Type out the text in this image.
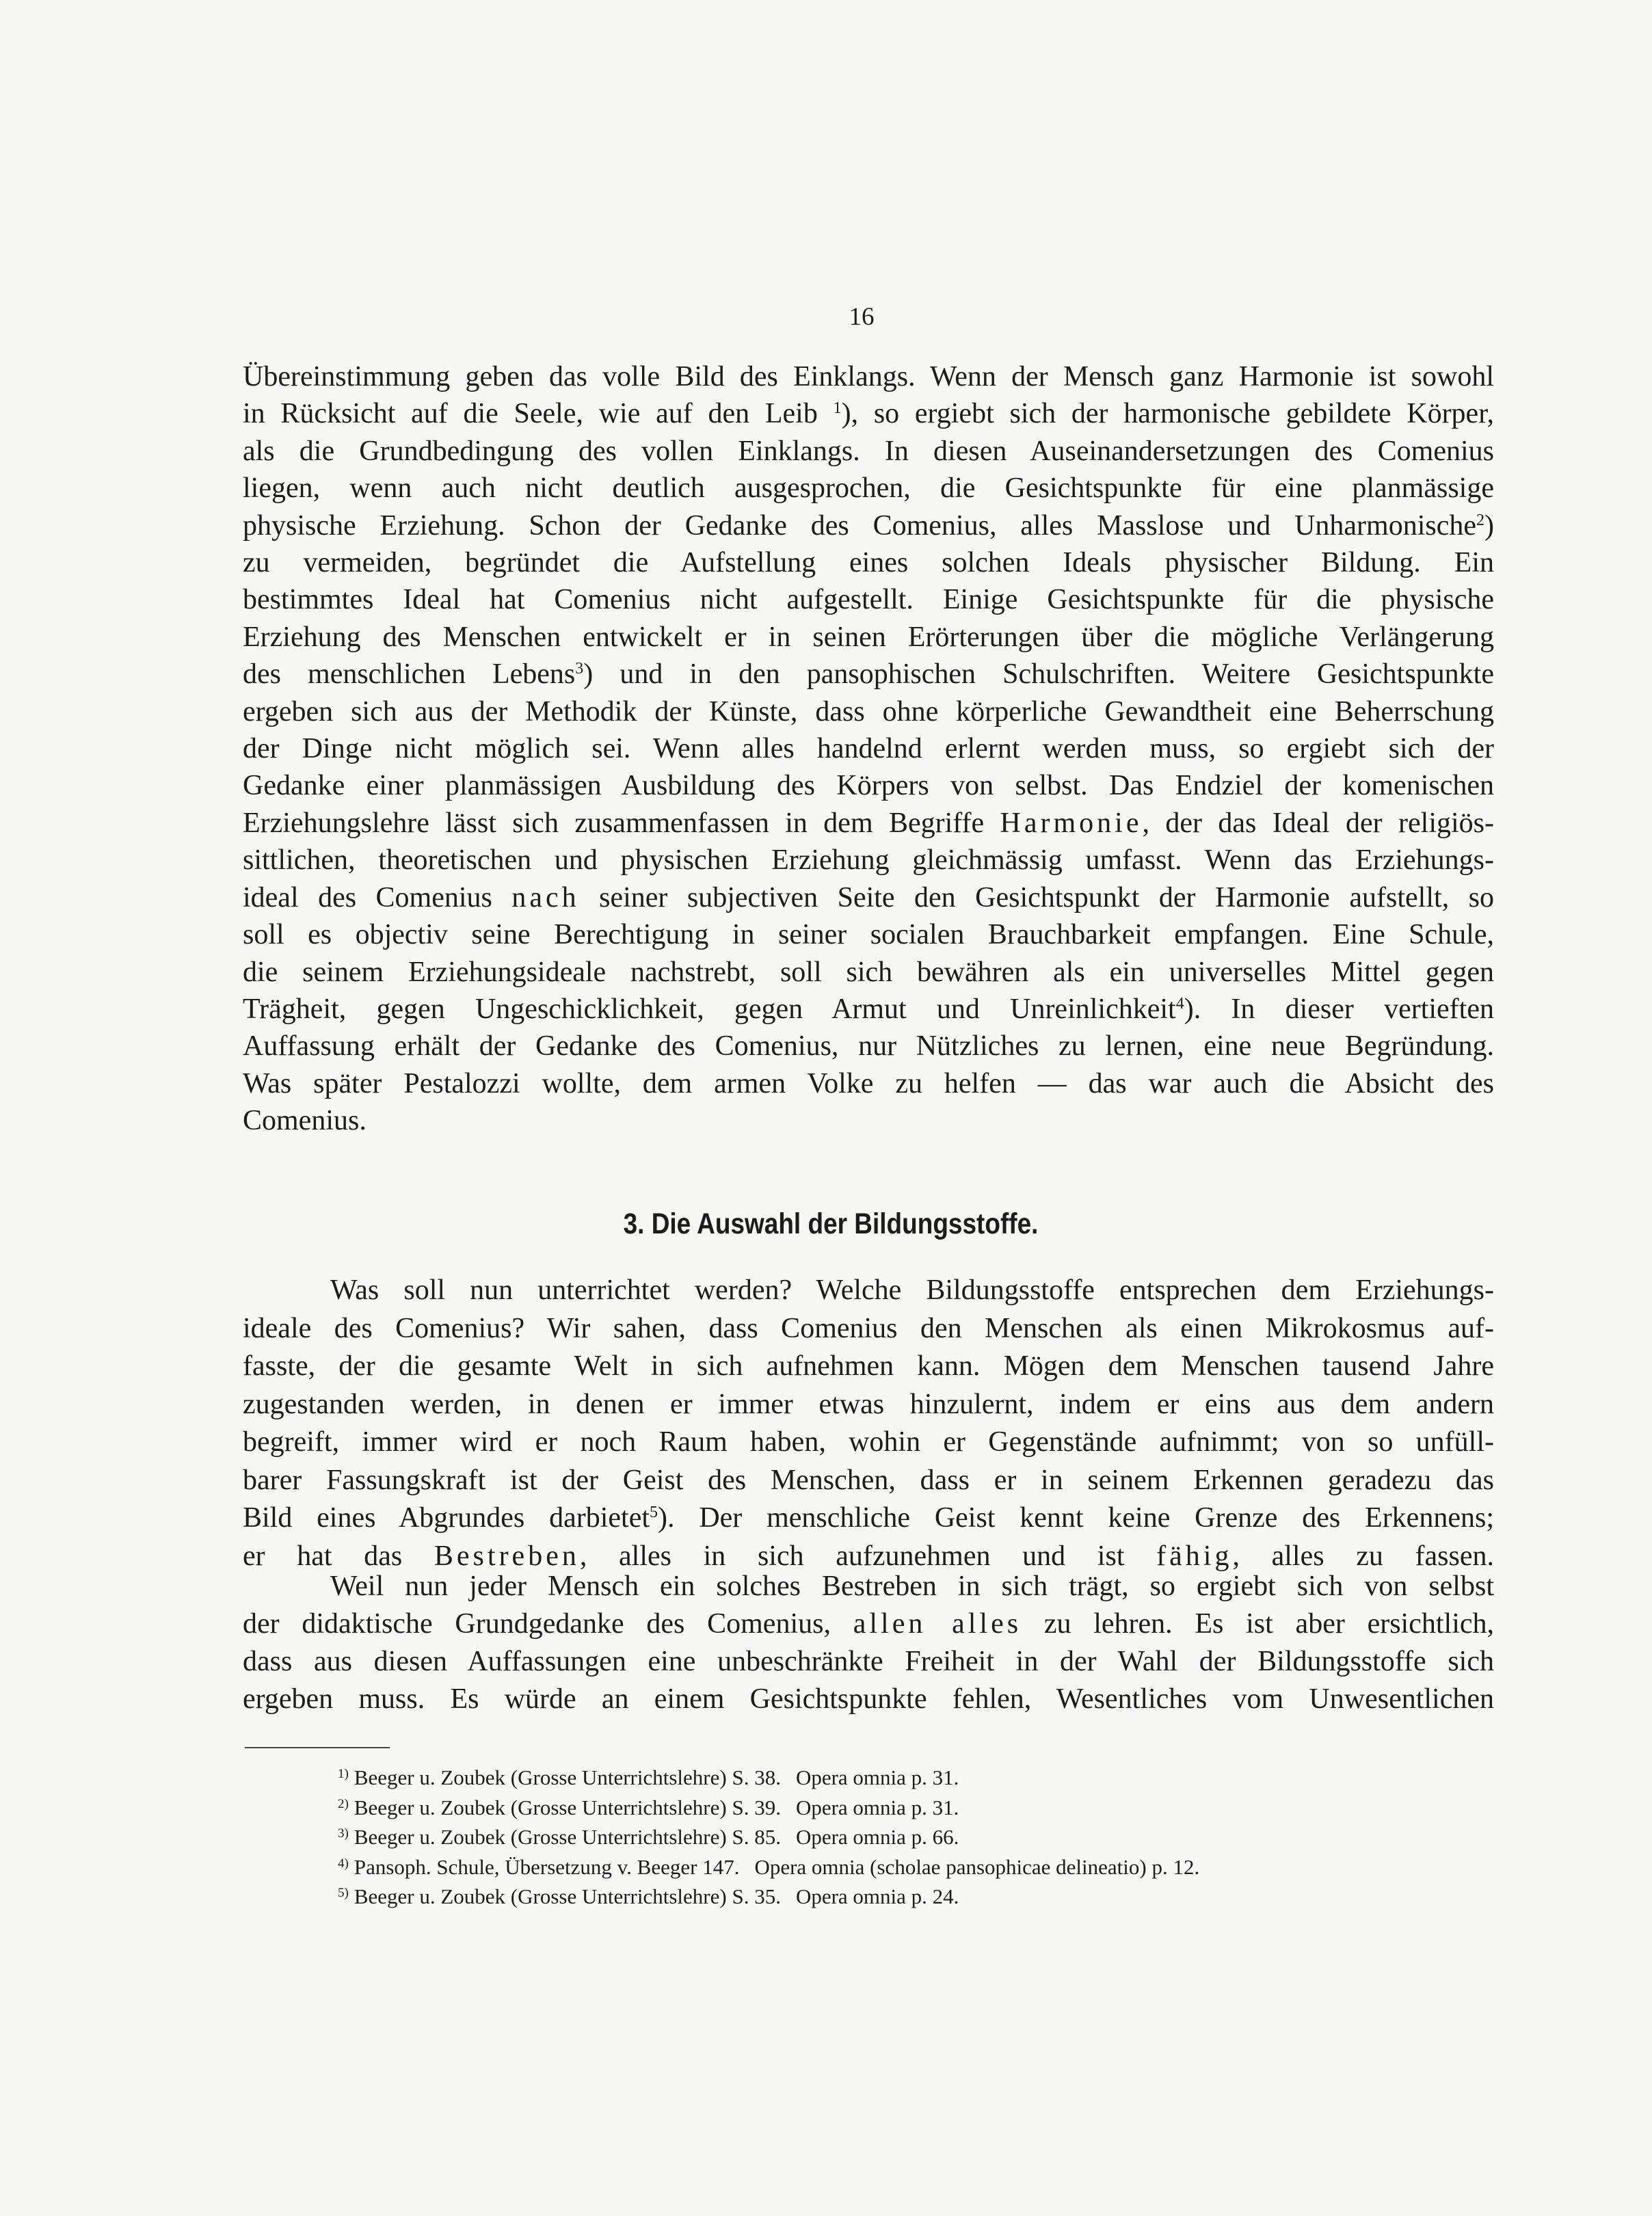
16
Übereinstimmung geben das volle Bild des Einklangs. Wenn der Mensch ganz Harmonie ist sowohl
in Rücksicht auf die Seele, wie auf den Leib $^1$), so ergiebt sich der harmonische gebildete Körper,
als die Grundbedingung des vollen Einklangs. In diesen Auseinandersetzungen des Comenius
liegen, wenn auch nicht deutlich ausgesprochen, die Gesichtspunkte für eine planmässige
physische Erziehung. Schon der Gedanke des Comenius, alles Masslose und Unharmonische$^2$)
zu vermeiden, begründet die Aufstellung eines solchen Ideals physischer Bildung. Ein
bestimmtes Ideal hat Comenius nicht aufgestellt. Einige Gesichtspunkte für die physische
Erziehung des Menschen entwickelt er in seinen Erörterungen über die mögliche Verlängerung
des menschlichen Lebens$^3$) und in den pansophischen Schulschriften. Weitere Gesichtspunkte
ergeben sich aus der Methodik der Künste, dass ohne körperliche Gewandtheit eine Beherrschung
der Dinge nicht möglich sei. Wenn alles handelnd erlernt werden muss, so ergiebt sich der
Gedanke einer planmässigen Ausbildung des Körpers von selbst. Das Endziel der komenischen
Erziehungslehre lässt sich zusammenfassen in dem Begriffe Harmonie, der das Ideal der religiös-
sittlichen, theoretischen und physischen Erziehung gleichmässig umfasst. Wenn das Erziehungs-
ideal des Comenius nach seiner subjectiven Seite den Gesichtspunkt der Harmonie aufstellt, so
soll es objectiv seine Berechtigung in seiner socialen Brauchbarkeit empfangen. Eine Schule,
die seinem Erziehungsideale nachstrebt, soll sich bewähren als ein universelles Mittel gegen
Trägheit, gegen Ungeschicklichkeit, gegen Armut und Unreinlichkeit$^4$). In dieser vertieften
Auffassung erhält der Gedanke des Comenius, nur Nützliches zu lernen, eine neue Begründung.
Was später Pestalozzi wollte, dem armen Volke zu helfen — das war auch die Absicht des
Comenius.
3. Die Auswahl der Bildungsstoffe.
Was soll nun unterrichtet werden? Welche Bildungsstoffe entsprechen dem Erziehungs-
ideale des Comenius? Wir sahen, dass Comenius den Menschen als einen Mikrokosmus auf-
fasste, der die gesamte Welt in sich aufnehmen kann. Mögen dem Menschen tausend Jahre
zugestanden werden, in denen er immer etwas hinzulernt, indem er eins aus dem andern
begreift, immer wird er noch Raum haben, wohin er Gegenstände aufnimmt; von so unfüll-
barer Fassungskraft ist der Geist des Menschen, dass er in seinem Erkennen geradezu das
Bild eines Abgrundes darbietet$^5$). Der menschliche Geist kennt keine Grenze des Erkennens;
er hat das Bestreben, alles in sich aufzunehmen und ist fähig, alles zu fassen.
Weil nun jeder Mensch ein solches Bestreben in sich trägt, so ergiebt sich von selbst
der didaktische Grundgedanke des Comenius, allen alles zu lehren. Es ist aber ersichtlich,
dass aus diesen Auffassungen eine unbeschränkte Freiheit in der Wahl der Bildungsstoffe sich
ergeben muss. Es würde an einem Gesichtspunkte fehlen, Wesentliches vom Unwesentlichen
$^{1)}$ Beeger u. Zoubek (Grosse Unterrichtslehre) S. 38. Opera omnia p. 31.
$^{2)}$ Beeger u. Zoubek (Grosse Unterrichtslehre) S. 39. Opera omnia p. 31.
$^{3)}$ Beeger u. Zoubek (Grosse Unterrichtslehre) S. 85. Opera omnia p. 66.
$^{4)}$ Pansoph. Schule, Übersetzung v. Beeger 147. Opera omnia (scholae pansophicae delineatio) p. 12.
$^{5)}$ Beeger u. Zoubek (Grosse Unterrichtslehre) S. 35. Opera omnia p. 24.
